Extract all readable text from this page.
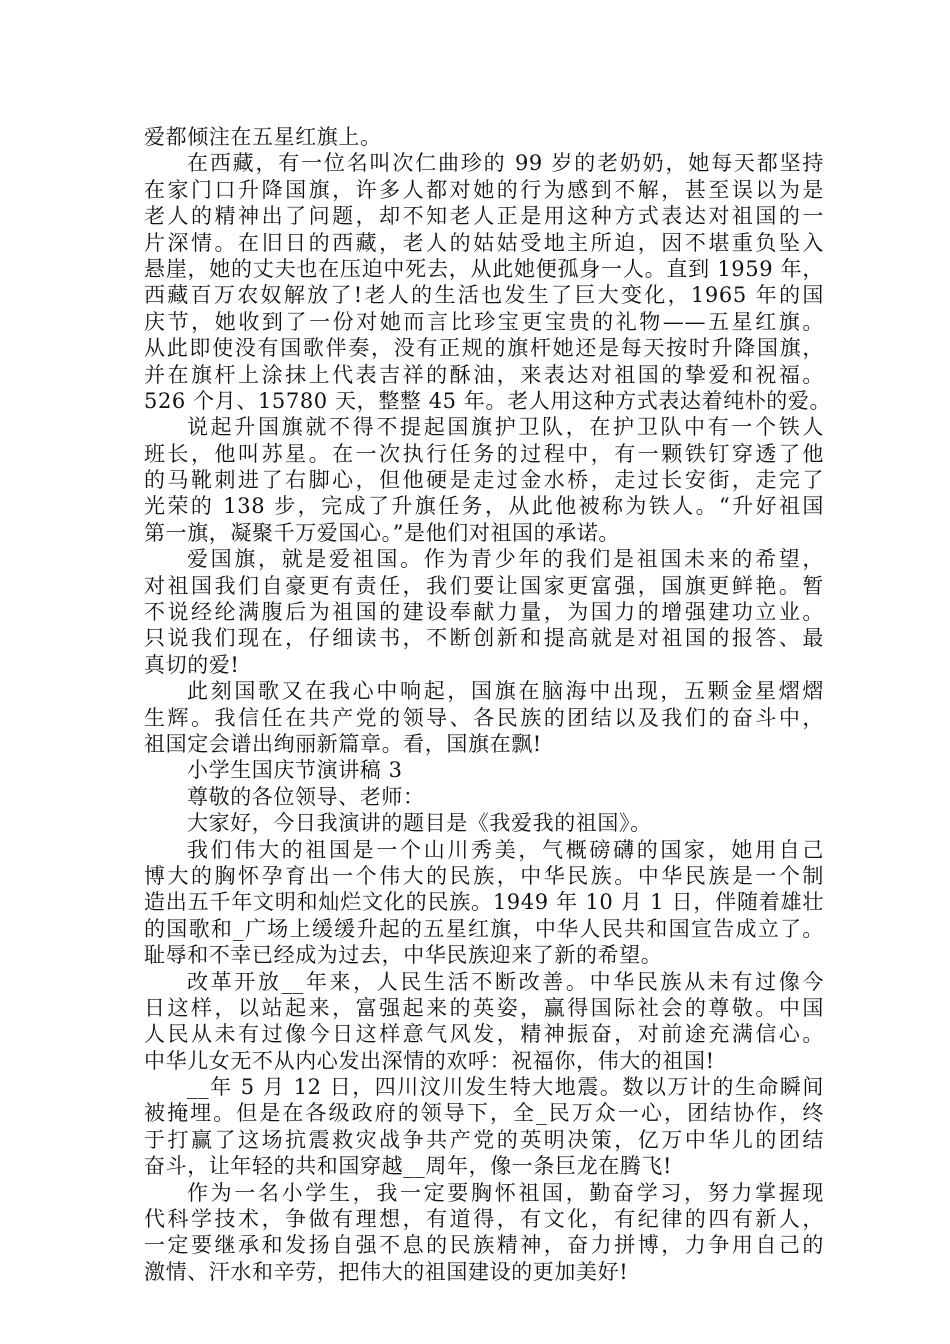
爱都倾注在五星红旗上。
在西藏，有一位名叫次仁曲珍的 99 岁的老奶奶，她每天都坚持
在家门口升降国旗，许多人都对她的行为感到不解，甚至误以为是
老人的精神出了问题，却不知老人正是用这种方式表达对祖国的一
片深情。在旧日的西藏，老人的姑姑受地主所迫，因不堪重负坠入
悬崖，她的丈夫也在压迫中死去，从此她便孤身一人。直到 1959 年，
西藏百万农奴解放了!老人的生活也发生了巨大变化，1965 年的国
庆节，她收到了一份对她而言比珍宝更宝贵的礼物——五星红旗。
从此即使没有国歌伴奏，没有正规的旗杆她还是每天按时升降国旗，
并在旗杆上涂抹上代表吉祥的酥油，来表达对祖国的挚爱和祝福。
526 个月、15780 天，整整 45 年。老人用这种方式表达着纯朴的爱。
说起升国旗就不得不提起国旗护卫队，在护卫队中有一个铁人
班长，他叫苏星。在一次执行任务的过程中，有一颗铁钉穿透了他
的马靴刺进了右脚心，但他硬是走过金水桥，走过长安街，走完了
光荣的 138 步，完成了升旗任务，从此他被称为铁人。“升好祖国
第一旗，凝聚千万爱国心。”是他们对祖国的承诺。
爱国旗，就是爱祖国。作为青少年的我们是祖国未来的希望，
对祖国我们自豪更有责任，我们要让国家更富强，国旗更鲜艳。暂
不说经纶满腹后为祖国的建设奉献力量，为国力的增强建功立业。
只说我们现在，仔细读书，不断创新和提高就是对祖国的报答、最
真切的爱!
此刻国歌又在我心中响起，国旗在脑海中出现，五颗金星熠熠
生辉。我信任在共产党的领导、各民族的团结以及我们的奋斗中，
祖国定会谱出绚丽新篇章。看，国旗在飘!
小学生国庆节演讲稿 3
尊敬的各位领导、老师：
大家好，今日我演讲的题目是《我爱我的祖国》。
我们伟大的祖国是一个山川秀美，气概磅礴的国家，她用自己
博大的胸怀孕育出一个伟大的民族，中华民族。中华民族是一个制
造出五千年文明和灿烂文化的民族。1949 年 10 月 1 日，伴随着雄壮
的国歌和_广场上缓缓升起的五星红旗，中华人民共和国宣告成立了。
耻辱和不幸已经成为过去，中华民族迎来了新的希望。
改革开放__年来，人民生活不断改善。中华民族从未有过像今
日这样，以站起来，富强起来的英姿，赢得国际社会的尊敬。中国
人民从未有过像今日这样意气风发，精神振奋，对前途充满信心。
中华儿女无不从内心发出深情的欢呼：祝福你，伟大的祖国!
__年 5 月 12 日，四川汶川发生特大地震。数以万计的生命瞬间
被掩埋。但是在各级政府的领导下，全_民万众一心，团结协作，终
于打赢了这场抗震救灾战争共产党的英明决策，亿万中华儿的团结
奋斗，让年轻的共和国穿越__周年，像一条巨龙在腾飞!
作为一名小学生，我一定要胸怀祖国，勤奋学习，努力掌握现
代科学技术，争做有理想，有道得，有文化，有纪律的四有新人，
一定要继承和发扬自强不息的民族精神，奋力拼博，力争用自己的
激情、汗水和辛劳，把伟大的祖国建设的更加美好!
